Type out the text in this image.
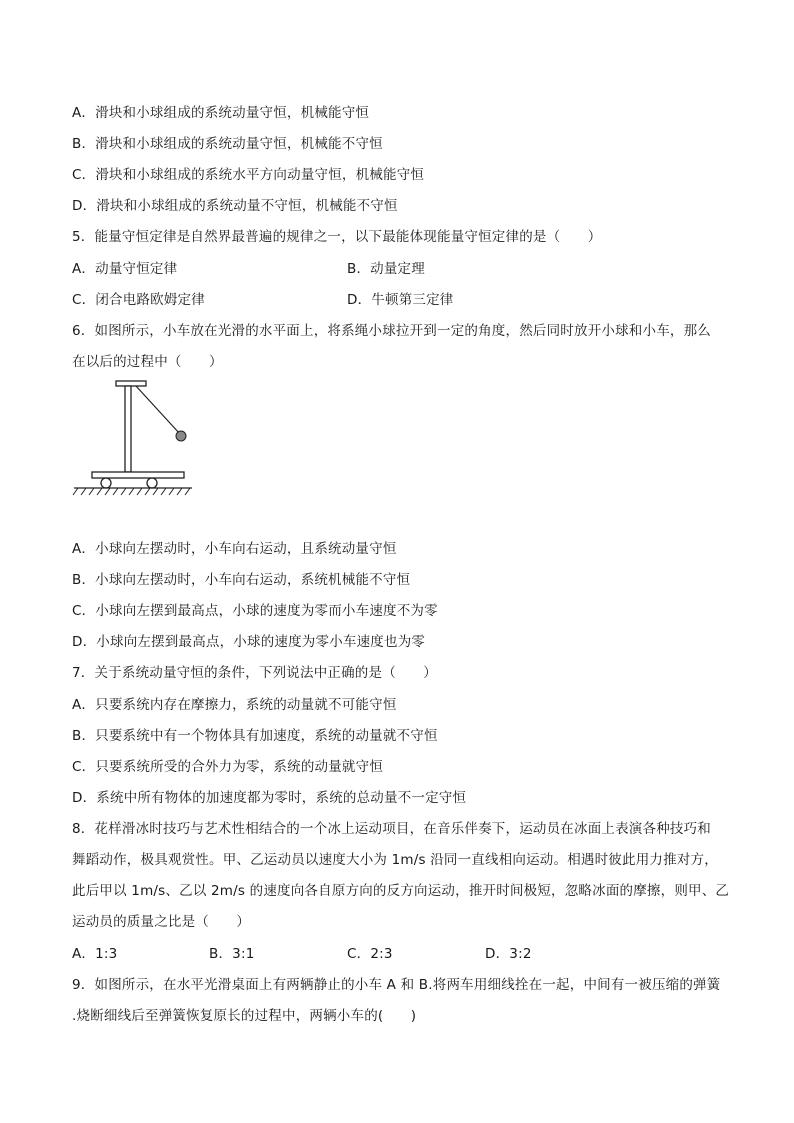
A．滑块和小球组成的系统动量守恒，机械能守恒
B．滑块和小球组成的系统动量守恒，机械能不守恒
C．滑块和小球组成的系统水平方向动量守恒，机械能守恒
D．滑块和小球组成的系统动量不守恒，机械能不守恒
5．能量守恒定律是自然界最普遍的规律之一，以下最能体现能量守恒定律的是（　　）
A．动量守恒定律	B．动量定理
C．闭合电路欧姆定律	D．牛顿第三定律
6．如图所示，小车放在光滑的水平面上，将系绳小球拉开到一定的角度，然后同时放开小球和小车，那么
在以后的过程中（　　）
A．小球向左摆动时，小车向右运动，且系统动量守恒
B．小球向左摆动时，小车向右运动，系统机械能不守恒
C．小球向左摆到最高点，小球的速度为零而小车速度不为零
D．小球向左摆到最高点，小球的速度为零小车速度也为零
7．关于系统动量守恒的条件，下列说法中正确的是（　　）
A．只要系统内存在摩擦力，系统的动量就不可能守恒
B．只要系统中有一个物体具有加速度，系统的动量就不守恒
C．只要系统所受的合外力为零，系统的动量就守恒
D．系统中所有物体的加速度都为零时，系统的总动量不一定守恒
8．花样滑冰时技巧与艺术性相结合的一个冰上运动项目，在音乐伴奏下，运动员在冰面上表演各种技巧和
舞蹈动作，极具观赏性。甲、乙运动员以速度大小为 1m/s 沿同一直线相向运动。相遇时彼此用力推对方，
此后甲以 1m/s、乙以 2m/s 的速度向各自原方向的反方向运动，推开时间极短，忽略冰面的摩擦，则甲、乙
运动员的质量之比是（　　）
A．1:3	B．3:1	C．2:3	D．3:2
9．如图所示，在水平光滑桌面上有两辆静止的小车 A 和 B.将两车用细线拴在一起，中间有一被压缩的弹簧
.烧断细线后至弹簧恢复原长的过程中，两辆小车的(　　)
